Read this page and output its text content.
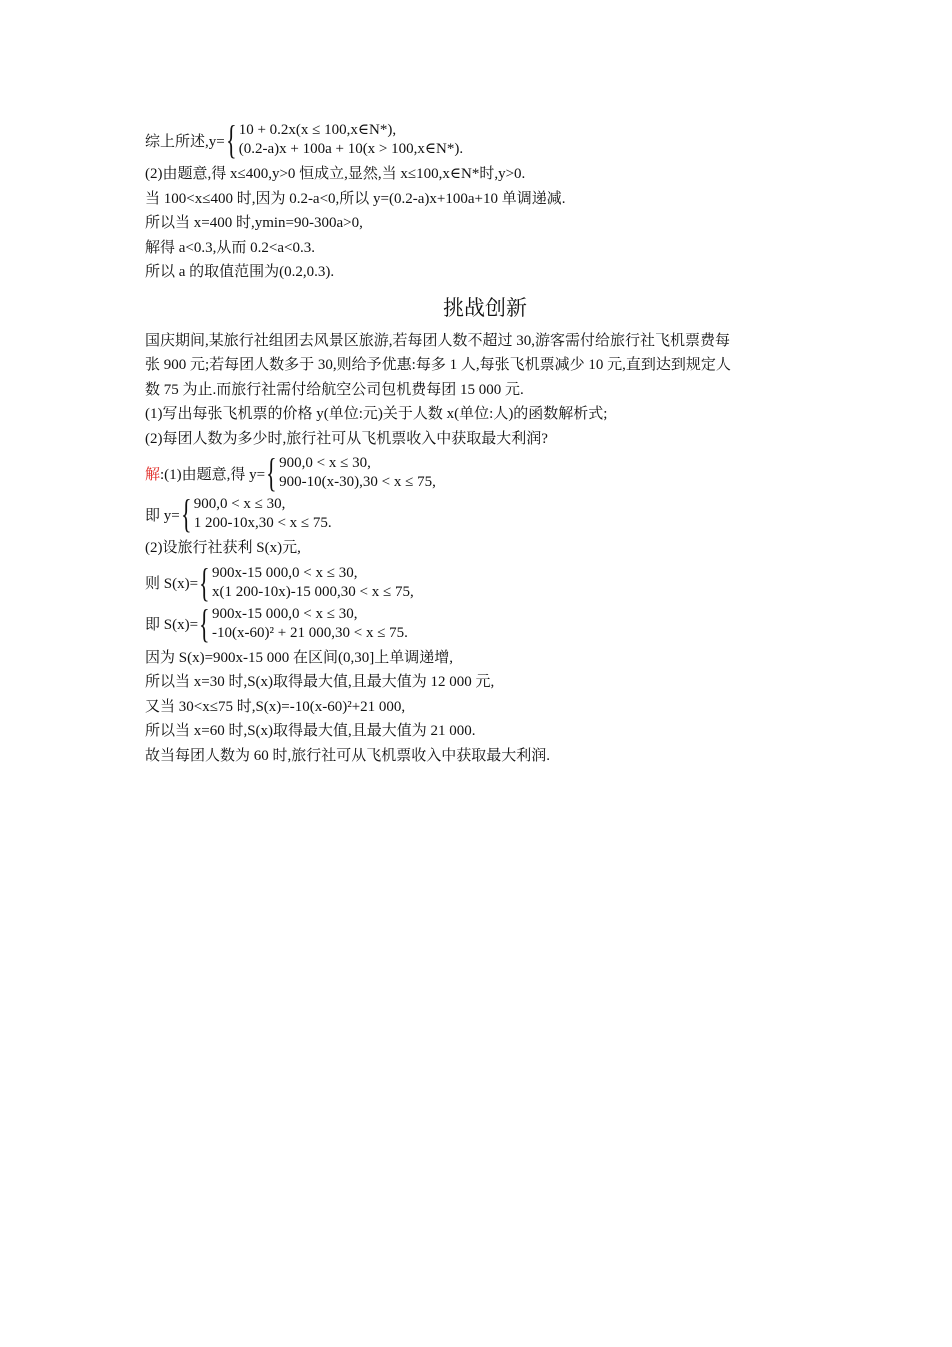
综上所述,y= { 10 + 0.2x(x ≤ 100,x∈N*),
(0.2-a)x + 100a + 10(x > 100,x∈N*).
(2)由题意,得 x≤400,y>0 恒成立,显然,当 x≤100,x∈N*时,y>0.
当 100<x≤400 时,因为 0.2-a<0,所以 y=(0.2-a)x+100a+10 单调递减.
所以当 x=400 时,ymin=90-300a>0,
解得 a<0.3,从而 0.2<a<0.3.
所以 a 的取值范围为(0.2,0.3).
挑战创新
国庆期间,某旅行社组团去风景区旅游,若每团人数不超过 30,游客需付给旅行社飞机票费每
张 900 元;若每团人数多于 30,则给予优惠:每多 1 人,每张飞机票减少 10 元,直到达到规定人
数 75 为止.而旅行社需付给航空公司包机费每团 15 000 元.
(1)写出每张飞机票的价格 y(单位:元)关于人数 x(单位:人)的函数解析式;
(2)每团人数为多少时,旅行社可从飞机票收入中获取最大利润?
解:(1)由题意,得 y= { 900,0 < x ≤ 30,
900-10(x-30),30 < x ≤ 75,
即 y= { 900,0 < x ≤ 30,
1 200-10x,30 < x ≤ 75.
(2)设旅行社获利 S(x)元,
则 S(x)= { 900x-15 000,0 < x ≤ 30,
x(1 200-10x)-15 000,30 < x ≤ 75,
即 S(x)= { 900x-15 000,0 < x ≤ 30,
-10(x-60)² + 21 000,30 < x ≤ 75.
因为 S(x)=900x-15 000 在区间(0,30]上单调递增,
所以当 x=30 时,S(x)取得最大值,且最大值为 12 000 元,
又当 30<x≤75 时,S(x)=-10(x-60)²+21 000,
所以当 x=60 时,S(x)取得最大值,且最大值为 21 000.
故当每团人数为 60 时,旅行社可从飞机票收入中获取最大利润.
